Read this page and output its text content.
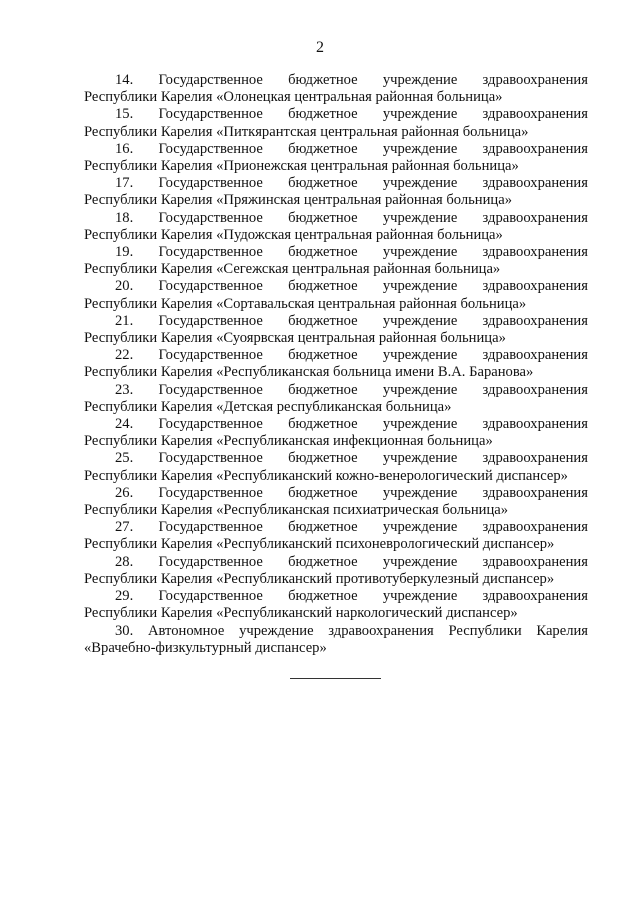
2
14. Государственное бюджетное учреждение здравоохранения
Республики Карелия «Олонецкая центральная районная больница»
15. Государственное бюджетное учреждение здравоохранения
Республики Карелия «Питкярантская центральная районная больница»
16. Государственное бюджетное учреждение здравоохранения
Республики Карелия «Прионежская центральная районная больница»
17. Государственное бюджетное учреждение здравоохранения
Республики Карелия «Пряжинская центральная районная больница»
18. Государственное бюджетное учреждение здравоохранения
Республики Карелия «Пудожская центральная районная больница»
19. Государственное бюджетное учреждение здравоохранения
Республики Карелия «Сегежская центральная районная больница»
20. Государственное бюджетное учреждение здравоохранения
Республики Карелия «Сортавальская центральная районная больница»
21. Государственное бюджетное учреждение здравоохранения
Республики Карелия «Суоярвская центральная районная больница»
22. Государственное бюджетное учреждение здравоохранения
Республики Карелия «Республиканская больница имени В.А. Баранова»
23. Государственное бюджетное учреждение здравоохранения
Республики Карелия «Детская республиканская больница»
24. Государственное бюджетное учреждение здравоохранения
Республики Карелия «Республиканская инфекционная больница»
25. Государственное бюджетное учреждение здравоохранения
Республики Карелия «Республиканский кожно-венерологический диспансер»
26. Государственное бюджетное учреждение здравоохранения
Республики Карелия «Республиканская психиатрическая больница»
27. Государственное бюджетное учреждение здравоохранения
Республики Карелия «Республиканский психоневрологический диспансер»
28. Государственное бюджетное учреждение здравоохранения
Республики Карелия «Республиканский противотуберкулезный диспансер»
29. Государственное бюджетное учреждение здравоохранения
Республики Карелия «Республиканский наркологический диспансер»
30. Автономное учреждение здравоохранения Республики Карелия
«Врачебно-физкультурный диспансер»
